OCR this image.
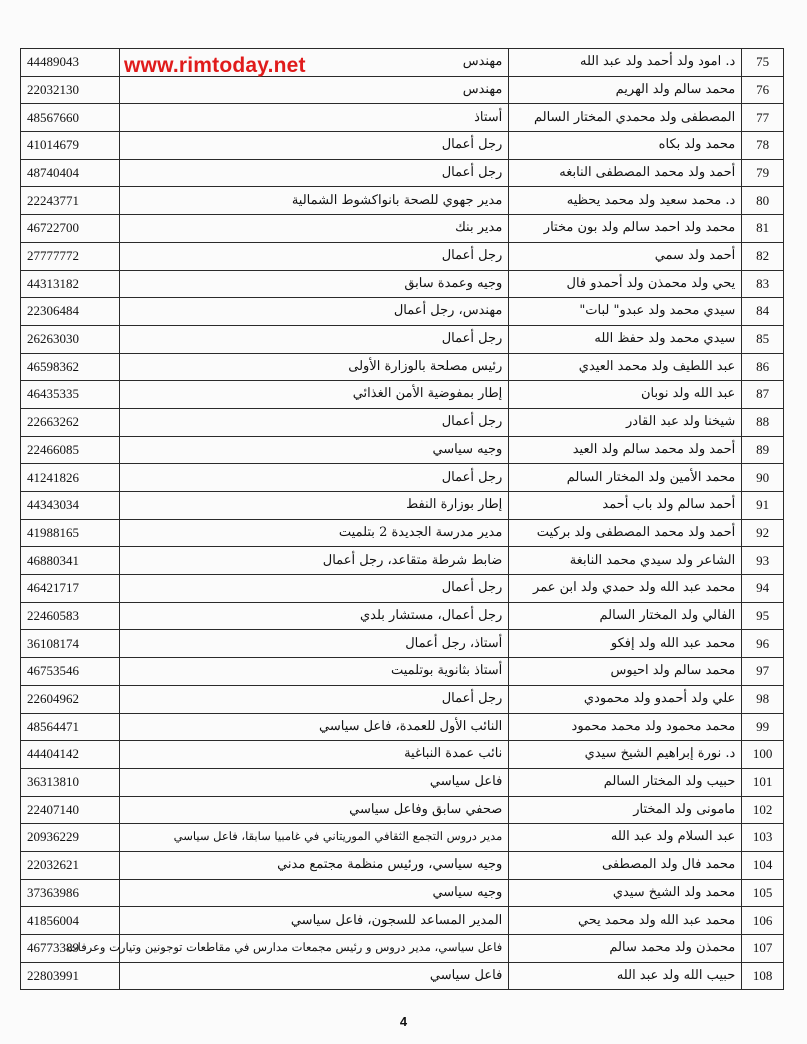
44489043	مهندس	د. امود ولد أحمد ولد عبد الله	75
22032130	مهندس	محمد سالم ولد الهريم	76
48567660	أستاذ	المصطفى ولد محمدي المختار السالم	77
41014679	رجل أعمال	محمد ولد بكاه	78
48740404	رجل أعمال	أحمد ولد محمد المصطفى النابغه	79
22243771	مدير جهوي للصحة بانواكشوط الشمالية	د. محمد سعيد ولد محمد يحظيه	80
46722700	مدير بنك	محمد ولد احمد سالم ولد بون مختار	81
27777772	رجل أعمال	أحمد ولد سمي	82
44313182	وجيه وعمدة سابق	يحي ولد محمذن ولد أحمدو فال	83
22306484	مهندس، رجل أعمال	سيدي محمد ولد عبدو" لبات"	84
26263030	رجل أعمال	سيدي محمد ولد حفظ الله	85
46598362	رئيس مصلحة بالوزارة الأولى	عبد اللطيف ولد محمد العيدي	86
46435335	إطار بمفوضية الأمن الغذائي	عبد الله ولد نوبان	87
22663262	رجل أعمال	شيخنا ولد عبد القادر	88
22466085	وجيه سياسي	أحمد ولد محمد سالم ولد العيد	89
41241826	رجل أعمال	محمد الأمين ولد المختار السالم	90
44343034	إطار بوزارة النفط	أحمد سالم ولد باب أحمد	91
41988165	مدير مدرسة الجديدة 2 بتلميت	أحمد ولد محمد المصطفى ولد بركيت	92
46880341	ضابط شرطة متقاعد، رجل أعمال	الشاعر ولد سيدي محمد النابغة	93
46421717	رجل أعمال	محمد عبد الله ولد حمدي ولد ابن عمر	94
22460583	رجل أعمال، مستشار بلدي	الفالي ولد المختار السالم	95
36108174	أستاذ، رجل أعمال	محمد عبد الله ولد إفكو	96
46753546	أستاذ بثانوية بوتلميت	محمد سالم ولد احيوس	97
22604962	رجل أعمال	علي ولد أحمدو ولد محمودي	98
48564471	النائب الأول للعمدة، فاعل سياسي	محمد محمود ولد محمد محمود	99
44404142	نائب عمدة النباغية	د. نورة إبراهيم الشيخ سيدي	100
36313810	فاعل سياسي	حبيب ولد المختار السالم	101
22407140	صحفي سابق وفاعل سياسي	مامونى ولد المختار	102
20936229	مدير دروس التجمع الثقافي الموريتاني في غامبيا سابقا، فاعل سياسي	عبد السلام ولد عبد الله	103
22032621	وجيه سياسي، ورئيس منظمة مجتمع مدني	محمد فال ولد المصطفى	104
37363986	وجيه سياسي	محمد ولد الشيخ سيدي	105
41856004	المدير المساعد للسجون، فاعل سياسي	محمد عبد الله ولد محمد يحي	106
46773389	فاعل سياسي، مدير دروس و رئيس مجمعات مدارس في مقاطعات توجونين وتيارت وعرفات	محمذن ولد محمد سالم	107
22803991	فاعل سياسي	حبيب الله ولد عبد الله	108
www.rimtoday.net
4
